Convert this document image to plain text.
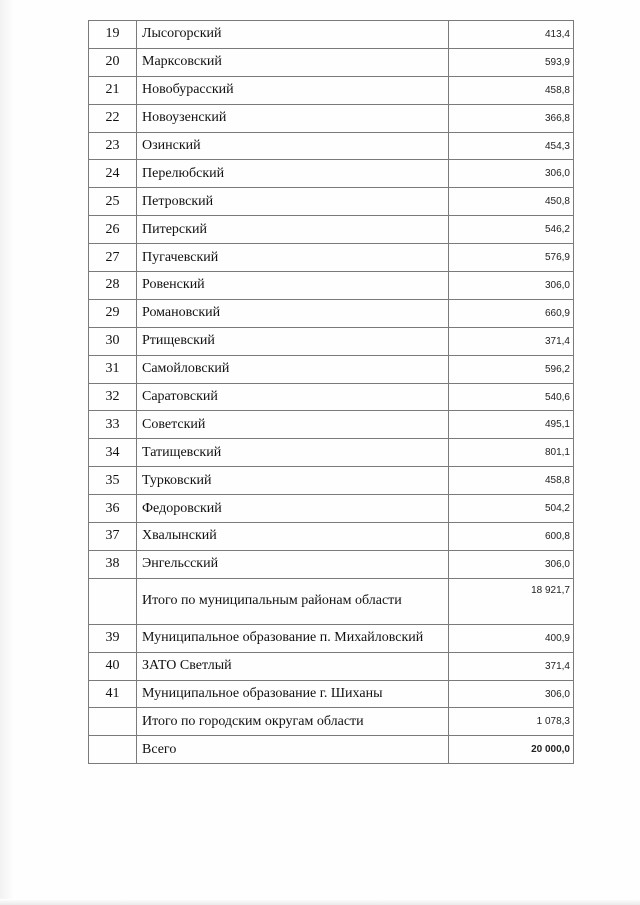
19	Лысогорский	413,4
20	Марксовский	593,9
21	Новобурасский	458,8
22	Новоузенский	366,8
23	Озинский	454,3
24	Перелюбский	306,0
25	Петровский	450,8
26	Питерский	546,2
27	Пугачевский	576,9
28	Ровенский	306,0
29	Романовский	660,9
30	Ртищевский	371,4
31	Самойловский	596,2
32	Саратовский	540,6
33	Советский	495,1
34	Татищевский	801,1
35	Турковский	458,8
36	Федоровский	504,2
37	Хвалынский	600,8
38	Энгельсский	306,0
	Итого по муниципальным районам области	18 921,7
39	Муниципальное образование п. Михайловский	400,9
40	ЗАТО Светлый	371,4
41	Муниципальное образование г. Шиханы	306,0
	Итого по городским округам области	1 078,3
	Всего	20 000,0
